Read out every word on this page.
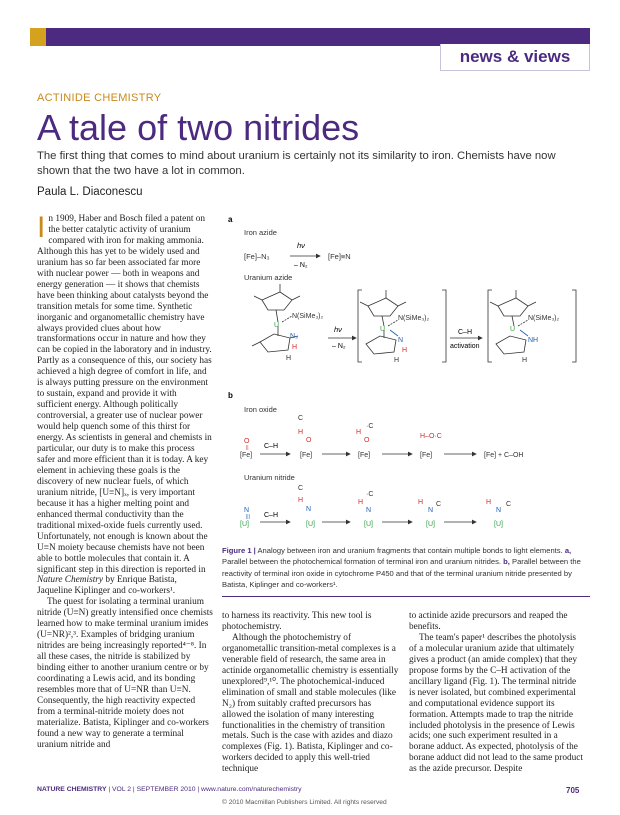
news & views
ACTINIDE CHEMISTRY
A tale of two nitrides
The first thing that comes to mind about uranium is certainly not its similarity to iron. Chemists have now shown that the two have a lot in common.
Paula L. Diaconescu

In 1909, Haber and Bosch filed a patent on the better catalytic activity of uranium compared with iron for making ammonia. Although this has yet to be widely used and uranium has so far been associated far more with nuclear power — both in weapons and energy generation — it shows that chemists have been thinking about catalysts beyond the transition metals for some time. Synthetic inorganic and organometallic chemistry have always provided clues about how transformations occur in nature and how they can be copied in the laboratory and in industry. Partly as a consequence of this, our society has achieved a high degree of comfort in life, and is always putting pressure on the environment to sustain, expand and provide it with sufficient energy. Although politically controversial, a greater use of nuclear power would help quench some of this thirst for energy. As scientists in general and chemists in particular, our duty is to make this process safer and more efficient than it is today. A key element in achieving these goals is the discovery of new nuclear fuels, of which uranium nitride, [U≡N]ₓ, is very important because it has a higher melting point and enhanced thermal conductivity than the traditional mixed-oxide fuels currently used. Unfortunately, not enough is known about the U≡N moiety because chemists have not been able to bottle molecules that contain it. A significant step in this direction is reported in Nature Chemistry by Enrique Batista, Jaqueline Kiplinger and co-workers¹.

The quest for isolating a terminal uranium nitride (U≡N) greatly intensified once chemists learned how to make terminal uranium imides (U=NR)²,³. Examples of bridging uranium nitrides are being increasingly reported⁴⁻⁸. In all these cases, the nitride is stabilized by binding either to another uranium centre or by coordinating a Lewis acid, and its bonding resembles more that of U=NR than U≡N. Consequently, the high reactivity expected from a terminal-nitride moiety does not materialize. Batista, Kiplinger and co-workers found a new way to generate a terminal uranium nitride and

to harness its reactivity. This new tool is photochemistry.

Although the photochemistry of organometallic transition-metal complexes is a venerable field of research, the same area in actinide organometallic chemistry is essentially unexplored⁹,¹⁰. The photochemical-induced elimination of small and stable molecules (like N₂) from suitably crafted precursors has allowed the isolation of many interesting functionalities in the chemistry of transition metals. Such is the case with azides and diazo complexes (Fig. 1). Batista, Kiplinger and co-workers decided to apply this well-tried technique

to actinide azide precursors and reaped the benefits.

The team's paper¹ describes the photolysis of a molecular uranium azide that ultimately gives a product (an amide complex) that they propose forms by the C–H activation of the ancillary ligand (Fig. 1). The terminal nitride is never isolated, but combined experimental and computational evidence support its formation. Attempts made to trap the nitride included photolysis in the presence of Lewis acids; one such experiment resulted in a borane adduct. As expected, photolysis of the borane adduct did not lead to the same product as the azide precursor. Despite

a
Iron azide
[Fe]–N₃
hν
– N₂
[Fe]≡N
Uranium azide
U
N(SiMe₃)₂
N₃
H
H
hν
– N₂
U
N(SiMe₃)₂
N
H
H
C–H
activation
U
N(SiMe₃)₂
NH
H
b
Iron oxide
O
||
[Fe]
C–H
C
H
O
[Fe]
·C
H
O
[Fe]
H–O·C
[Fe]	[Fe] + C–OH
Uranium nitride
N
|||
[U]
C–H
C
H
N
[U]
·C
H
N
[U]
H
N
C
[U]
H
N
C
[U]
Figure 1 | Analogy between iron and uranium fragments that contain multiple bonds to light elements. a, Parallel between the photochemical formation of terminal iron and uranium nitrides. b, Parallel between the reactivity of terminal iron oxide in cytochrome P450 and that of the terminal uranium nitride presented by Batista, Kiplinger and co-workers¹.
NATURE CHEMISTRY | VOL 2 | SEPTEMBER 2010 | www.nature.com/naturechemistry	705
© 2010 Macmillan Publishers Limited. All rights reserved
